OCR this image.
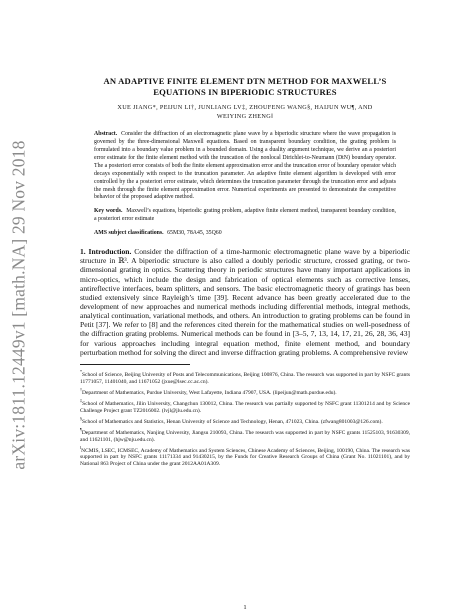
arXiv:1811.12449v1 [math.NA] 29 Nov 2018
AN ADAPTIVE FINITE ELEMENT DTN METHOD FOR MAXWELL’S EQUATIONS IN BIPERIODIC STRUCTURES
XUE JIANG*, PEIJUN LI†, JUNLIANG LV‡, ZHOUFENG WANG§, HAIJUN WU¶, AND WEIYING ZHENG‖

Abstract. Consider the diffraction of an electromagnetic plane wave by a biperiodic structure where the wave propagation is governed by the three-dimensional Maxwell equations. Based on transparent boundary condition, the grating problem is formulated into a boundary value problem in a bounded domain. Using a duality argument technique, we derive an a posteriori error estimate for the finite element method with the truncation of the nonlocal Dirichlet-to-Neumann (DtN) boundary operator. The a posteriori error consists of both the finite element approximation error and the truncation error of boundary operator which decays exponentially with respect to the truncation parameter. An adaptive finite element algorithm is developed with error controlled by the a posteriori error estimate, which determines the truncation parameter through the truncation error and adjusts the mesh through the finite element approximation error. Numerical experiments are presented to demonstrate the competitive behavior of the proposed adaptive method.

Key words. Maxwell’s equations, biperiodic grating problem, adaptive finite element method, transparent boundary condition, a posteriori error estimate

AMS subject classifications. 65M30, 78A45, 35Q60

1. Introduction. Consider the diffraction of a time-harmonic electromagnetic plane wave by a biperiodic structure in ℝ³. A biperiodic structure is also called a doubly periodic structure, crossed grating, or two-dimensional grating in optics. Scattering theory in periodic structures have many important applications in micro-optics, which include the design and fabrication of optical elements such as corrective lenses, antireflective interfaces, beam splitters, and sensors. The basic electromagnetic theory of gratings has been studied extensively since Rayleigh’s time [39]. Recent advance has been greatly accelerated due to the development of new approaches and numerical methods including differential methods, integral methods, analytical continuation, variational methods, and others. An introduction to grating problems can be found in Petit [37]. We refer to [8] and the references cited therein for the mathematical studies on well-posedness of the diffraction grating problems. Numerical methods can be found in [3–5, 7, 13, 14, 17, 21, 26, 28, 36, 43] for various approaches including integral equation method, finite element method, and boundary perturbation method for solving the direct and inverse diffraction grating problems. A comprehensive review

*School of Science, Beijing University of Posts and Telecommunications, Beijing 100876, China. The research was supported in part by NSFC grants 11771057, 11401040, and 11671052 (jxue@lsec.cc.ac.cn).

†Department of Mathematics, Purdue University, West Lafayette, Indiana 47907, USA. (lipeijun@math.purdue.edu).

‡School of Mathematics, Jilin University, Changchun 130012, China. The research was partially supported by NSFC grant 11301214 and by Science Challenge Project grant TZ2016002. (lvjl@jlu.edu.cn).

§School of Mathematics and Statistics, Henan University of Science and Technology, Henan, 471023, China. (zfwang801003@126.com).

¶Department of Mathematics, Nanjing University, Jiangsu 210093, China. The research was supported in part by NSFC grants 11525103, 91630309, and 11621101, (hjw@nju.edu.cn).

‖NCMIS, LSEC, ICMSEC, Academy of Mathematics and System Sciences, Chinese Academy of Sciences, Beijing, 100190, China. The research was supported in part by NSFC grants 11171334 and 91430215, by the Funds for Creative Research Groups of China (Grant No. 11021101), and by National 863 Project of China under the grant 2012AA01A309.

1
